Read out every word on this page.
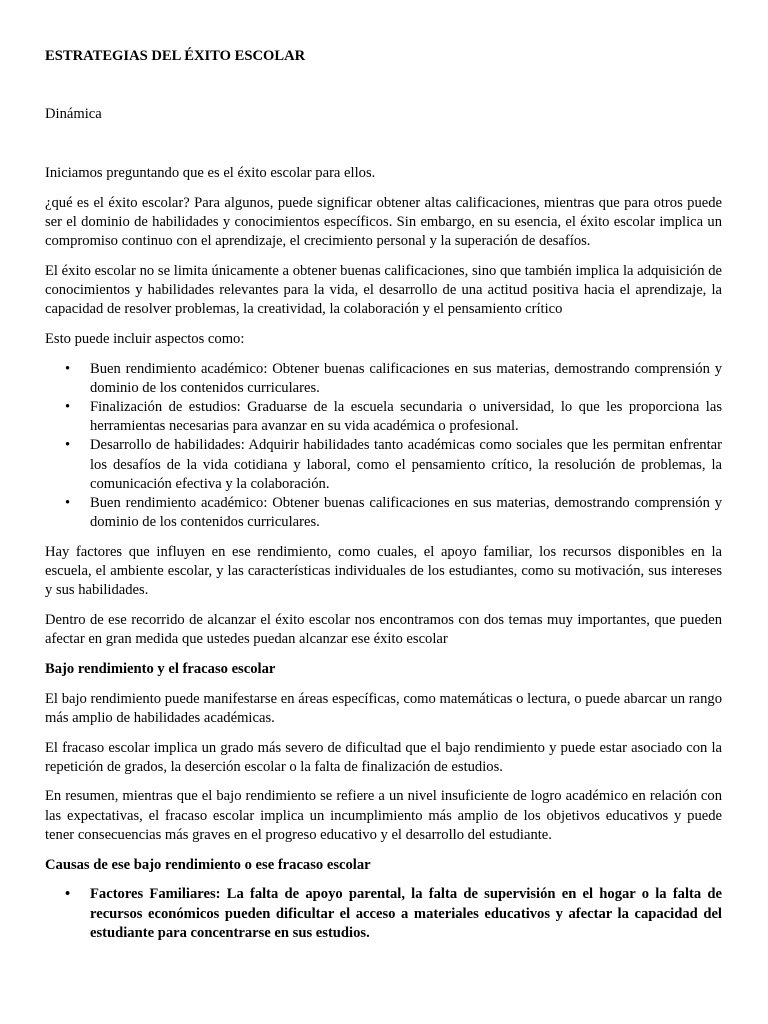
ESTRATEGIAS DEL ÉXITO ESCOLAR

Dinámica

Iniciamos preguntando que es el éxito escolar para ellos.

¿qué es el éxito escolar? Para algunos, puede significar obtener altas calificaciones, mientras que para otros puede ser el dominio de habilidades y conocimientos específicos. Sin embargo, en su esencia, el éxito escolar implica un compromiso continuo con el aprendizaje, el crecimiento personal y la superación de desafíos.

El éxito escolar no se limita únicamente a obtener buenas calificaciones, sino que también implica la adquisición de conocimientos y habilidades relevantes para la vida, el desarrollo de una actitud positiva hacia el aprendizaje, la capacidad de resolver problemas, la creatividad, la colaboración y el pensamiento crítico

Esto puede incluir aspectos como:

• Buen rendimiento académico: Obtener buenas calificaciones en sus materias, demostrando comprensión y dominio de los contenidos curriculares.
• Finalización de estudios: Graduarse de la escuela secundaria o universidad, lo que les proporciona las herramientas necesarias para avanzar en su vida académica o profesional.
• Desarrollo de habilidades: Adquirir habilidades tanto académicas como sociales que les permitan enfrentar los desafíos de la vida cotidiana y laboral, como el pensamiento crítico, la resolución de problemas, la comunicación efectiva y la colaboración.
• Buen rendimiento académico: Obtener buenas calificaciones en sus materias, demostrando comprensión y dominio de los contenidos curriculares.

Hay factores que influyen en ese rendimiento, como cuales, el apoyo familiar, los recursos disponibles en la escuela, el ambiente escolar, y las características individuales de los estudiantes, como su motivación, sus intereses y sus habilidades.

Dentro de ese recorrido de alcanzar el éxito escolar nos encontramos con dos temas muy importantes, que pueden afectar en gran medida que ustedes puedan alcanzar ese éxito escolar

Bajo rendimiento y el fracaso escolar

El bajo rendimiento puede manifestarse en áreas específicas, como matemáticas o lectura, o puede abarcar un rango más amplio de habilidades académicas.

El fracaso escolar implica un grado más severo de dificultad que el bajo rendimiento y puede estar asociado con la repetición de grados, la deserción escolar o la falta de finalización de estudios.

En resumen, mientras que el bajo rendimiento se refiere a un nivel insuficiente de logro académico en relación con las expectativas, el fracaso escolar implica un incumplimiento más amplio de los objetivos educativos y puede tener consecuencias más graves en el progreso educativo y el desarrollo del estudiante.

Causas de ese bajo rendimiento o ese fracaso escolar
• Factores Familiares: La falta de apoyo parental, la falta de supervisión en el hogar o la falta de recursos económicos pueden dificultar el acceso a materiales educativos y afectar la capacidad del estudiante para concentrarse en sus estudios.
